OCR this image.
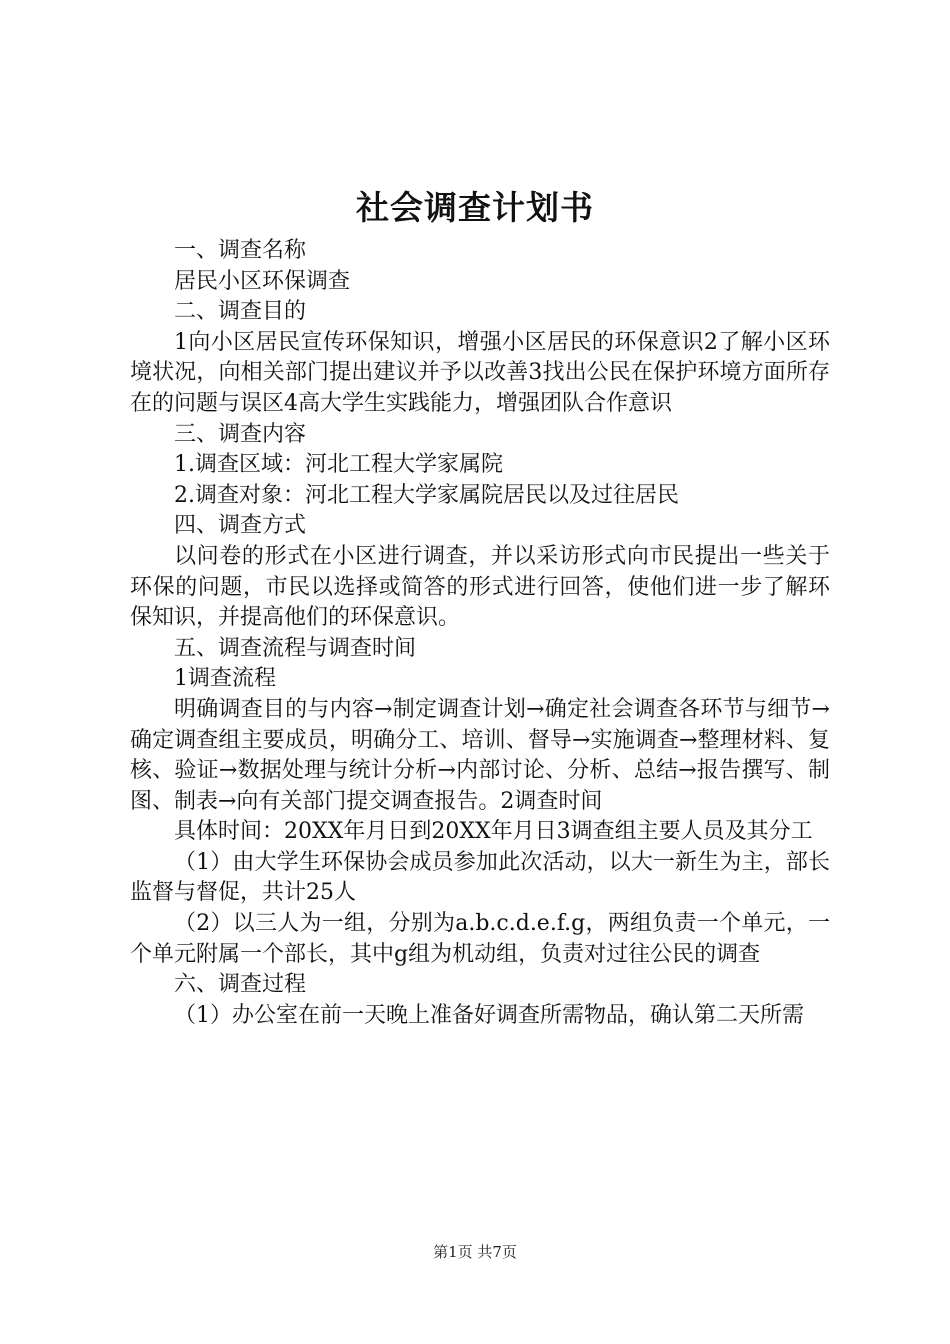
社会调查计划书

一、调查名称

居民小区环保调查

二、调查目的

1向小区居民宣传环保知识，增强小区居民的环保意识2了解小区环境状况，向相关部门提出建议并予以改善3找出公民在保护环境方面所存在的问题与误区4高大学生实践能力，增强团队合作意识

三、调查内容

1.调查区域：河北工程大学家属院

2.调查对象：河北工程大学家属院居民以及过往居民

四、调查方式

以问卷的形式在小区进行调查，并以采访形式向市民提出一些关于环保的问题，市民以选择或简答的形式进行回答，使他们进一步了解环保知识，并提高他们的环保意识。

五、调查流程与调查时间

1调查流程

明确调查目的与内容→制定调查计划→确定社会调查各环节与细节→确定调查组主要成员，明确分工、培训、督导→实施调查→整理材料、复核、验证→数据处理与统计分析→内部讨论、分析、总结→报告撰写、制图、制表→向有关部门提交调查报告。2调查时间

具体时间：20XX年月日到20XX年月日3调查组主要人员及其分工

（1）由大学生环保协会成员参加此次活动，以大一新生为主，部长监督与督促，共计25人

（2）以三人为一组，分别为a.b.c.d.e.f.g，两组负责一个单元，一个单元附属一个部长，其中g组为机动组，负责对过往公民的调查

六、调查过程

（1）办公室在前一天晚上准备好调查所需物品，确认第二天所需

第1页 共7页
